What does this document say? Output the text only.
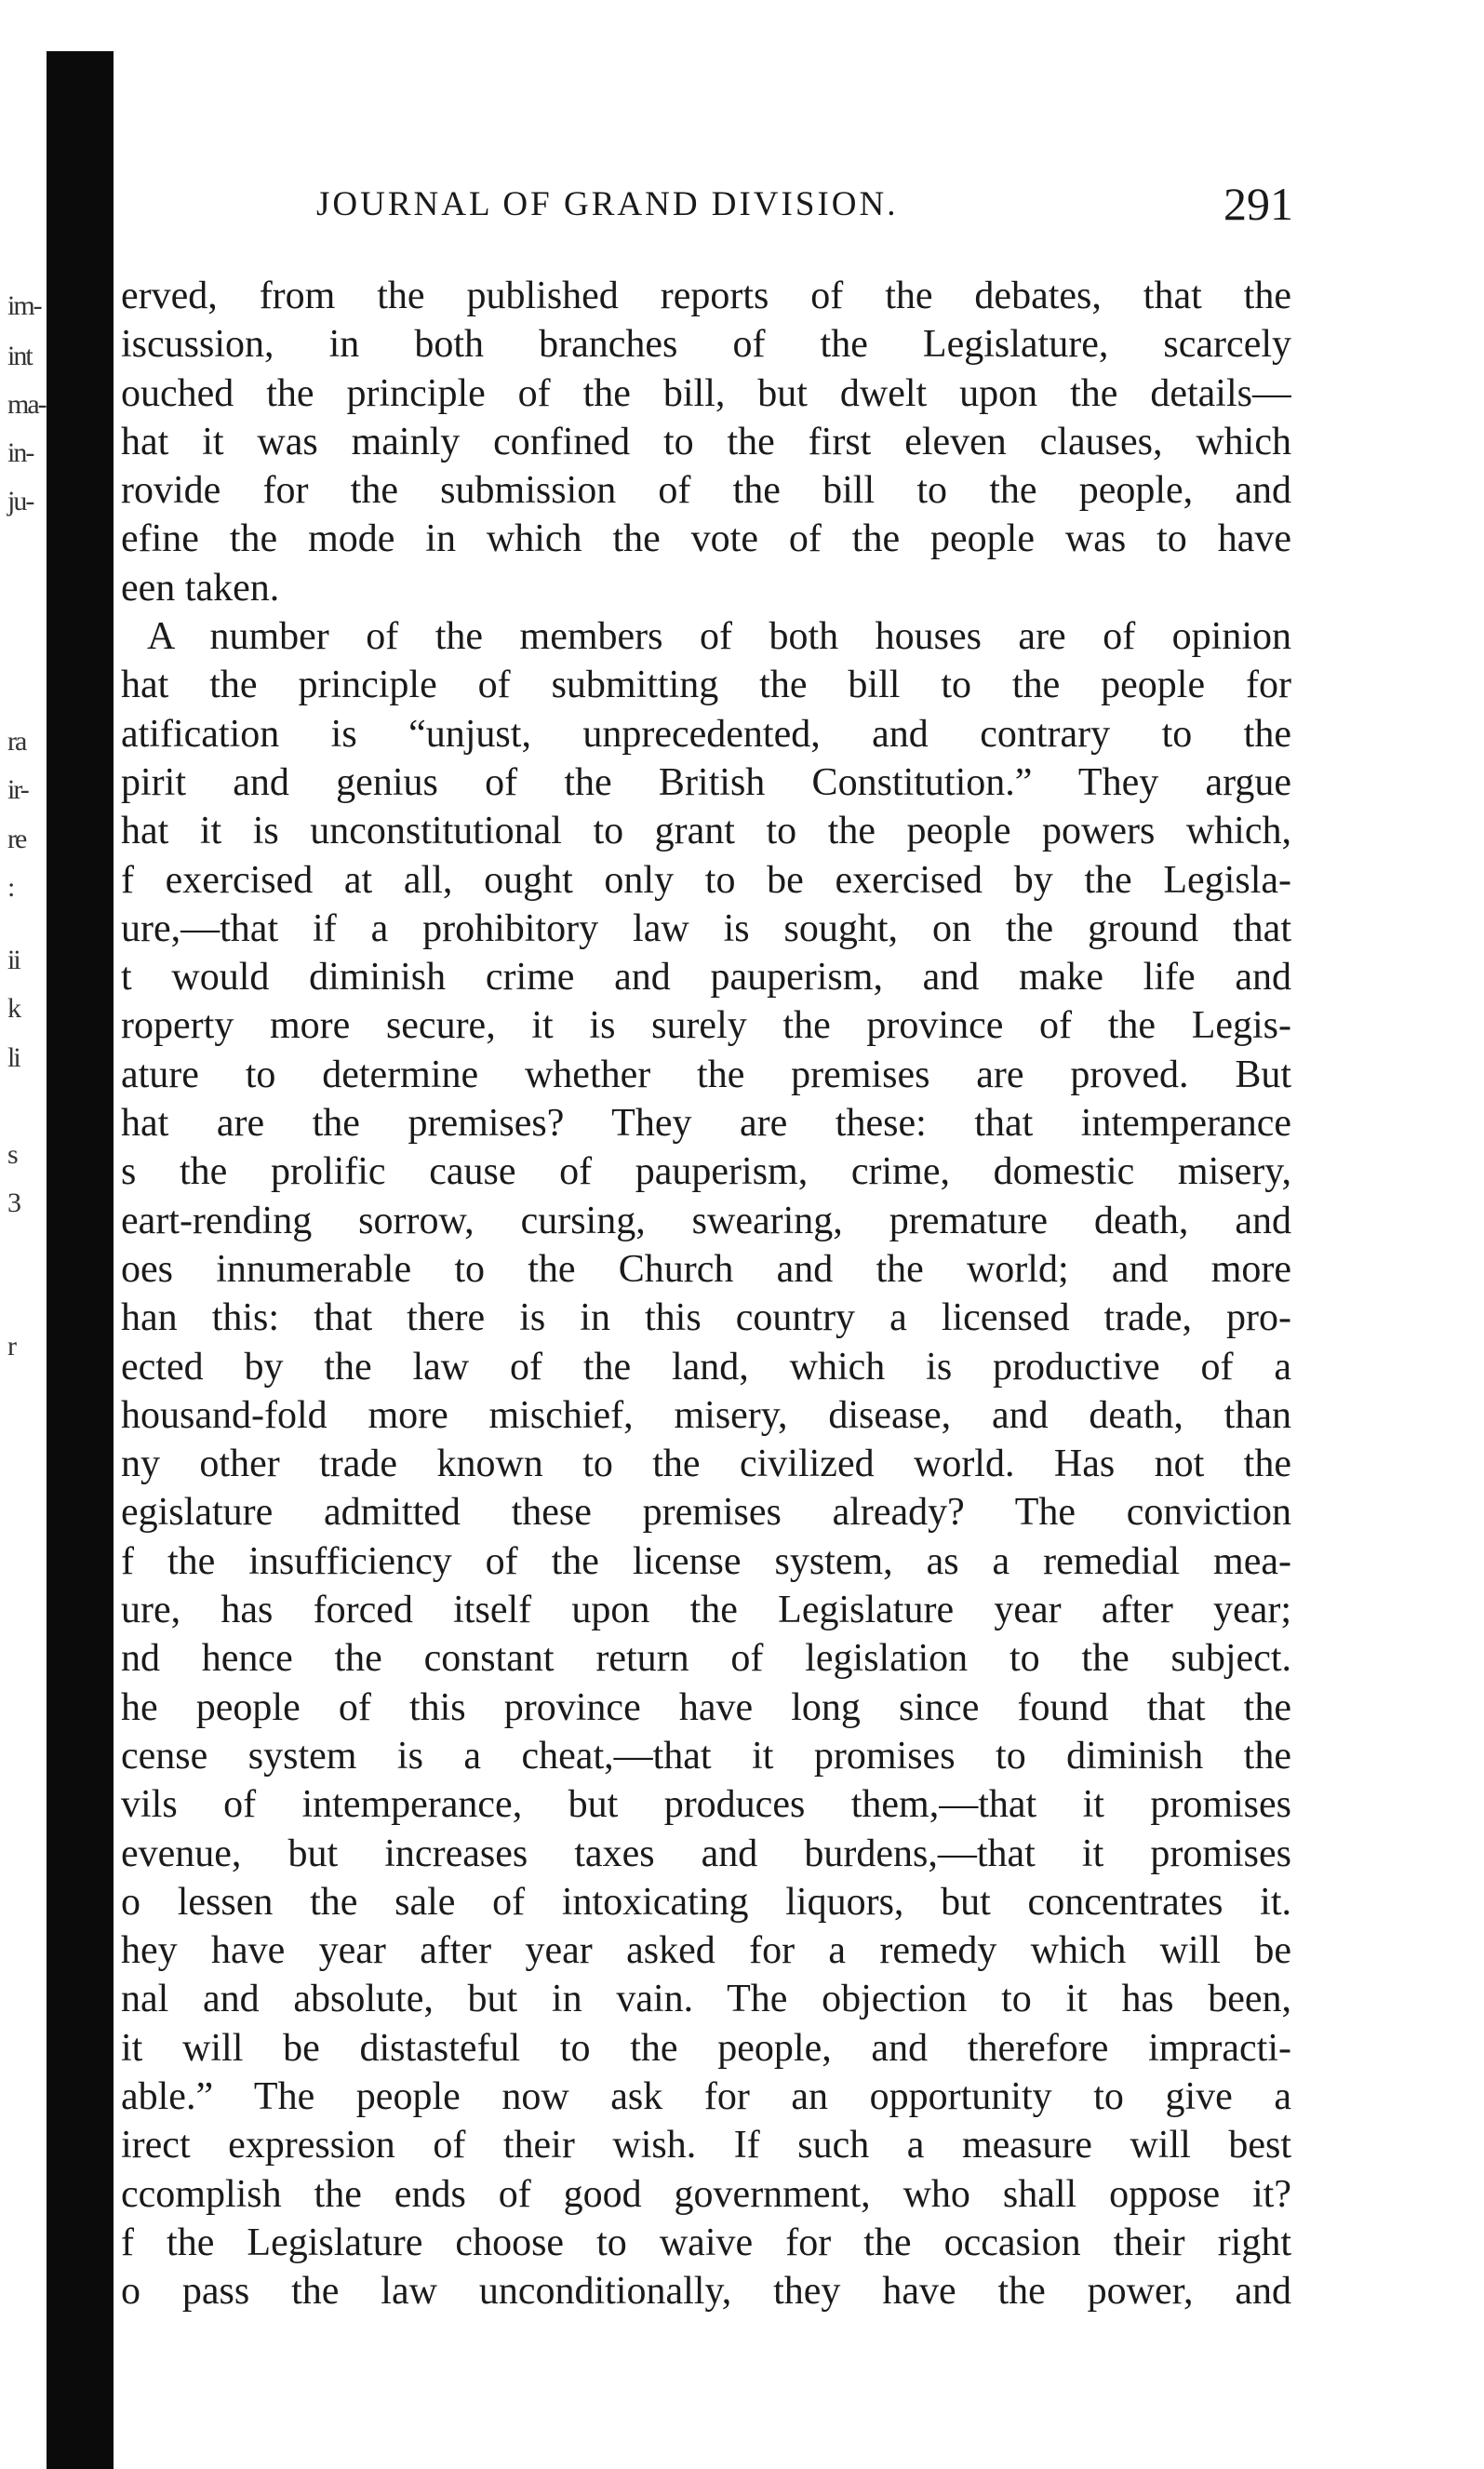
im-
int
ma-
in-
ju-
ra
ir-
re
:
ii
k
li
s
3
r
JOURNAL OF GRAND DIVISION.	291
erved, from the published reports of the debates, that the
iscussion, in both branches of the Legislature, scarcely
ouched the principle of the bill, but dwelt upon the details—
hat it was mainly confined to the first eleven clauses, which
rovide for the submission of the bill to the people, and
efine the mode in which the vote of the people was to have
een taken.
A number of the members of both houses are of opinion
hat the principle of submitting the bill to the people for
atification is “unjust, unprecedented, and contrary to the
pirit and genius of the British Constitution.” They argue
hat it is unconstitutional to grant to the people powers which,
f exercised at all, ought only to be exercised by the Legisla-
ure,—that if a prohibitory law is sought, on the ground that
t would diminish crime and pauperism, and make life and
roperty more secure, it is surely the province of the Legis-
ature to determine whether the premises are proved. But
hat are the premises? They are these: that intemperance
s the prolific cause of pauperism, crime, domestic misery,
eart-rending sorrow, cursing, swearing, premature death, and
oes innumerable to the Church and the world; and more
han this: that there is in this country a licensed trade, pro-
ected by the law of the land, which is productive of a
housand-fold more mischief, misery, disease, and death, than
ny other trade known to the civilized world. Has not the
egislature admitted these premises already? The conviction
f the insufficiency of the license system, as a remedial mea-
ure, has forced itself upon the Legislature year after year;
nd hence the constant return of legislation to the subject.
he people of this province have long since found that the
cense system is a cheat,—that it promises to diminish the
vils of intemperance, but produces them,—that it promises
evenue, but increases taxes and burdens,—that it promises
o lessen the sale of intoxicating liquors, but concentrates it.
hey have year after year asked for a remedy which will be
nal and absolute, but in vain. The objection to it has been,
it will be distasteful to the people, and therefore impracti-
able.” The people now ask for an opportunity to give a
irect expression of their wish. If such a measure will best
ccomplish the ends of good government, who shall oppose it?
f the Legislature choose to waive for the occasion their right
o pass the law unconditionally, they have the power, and
